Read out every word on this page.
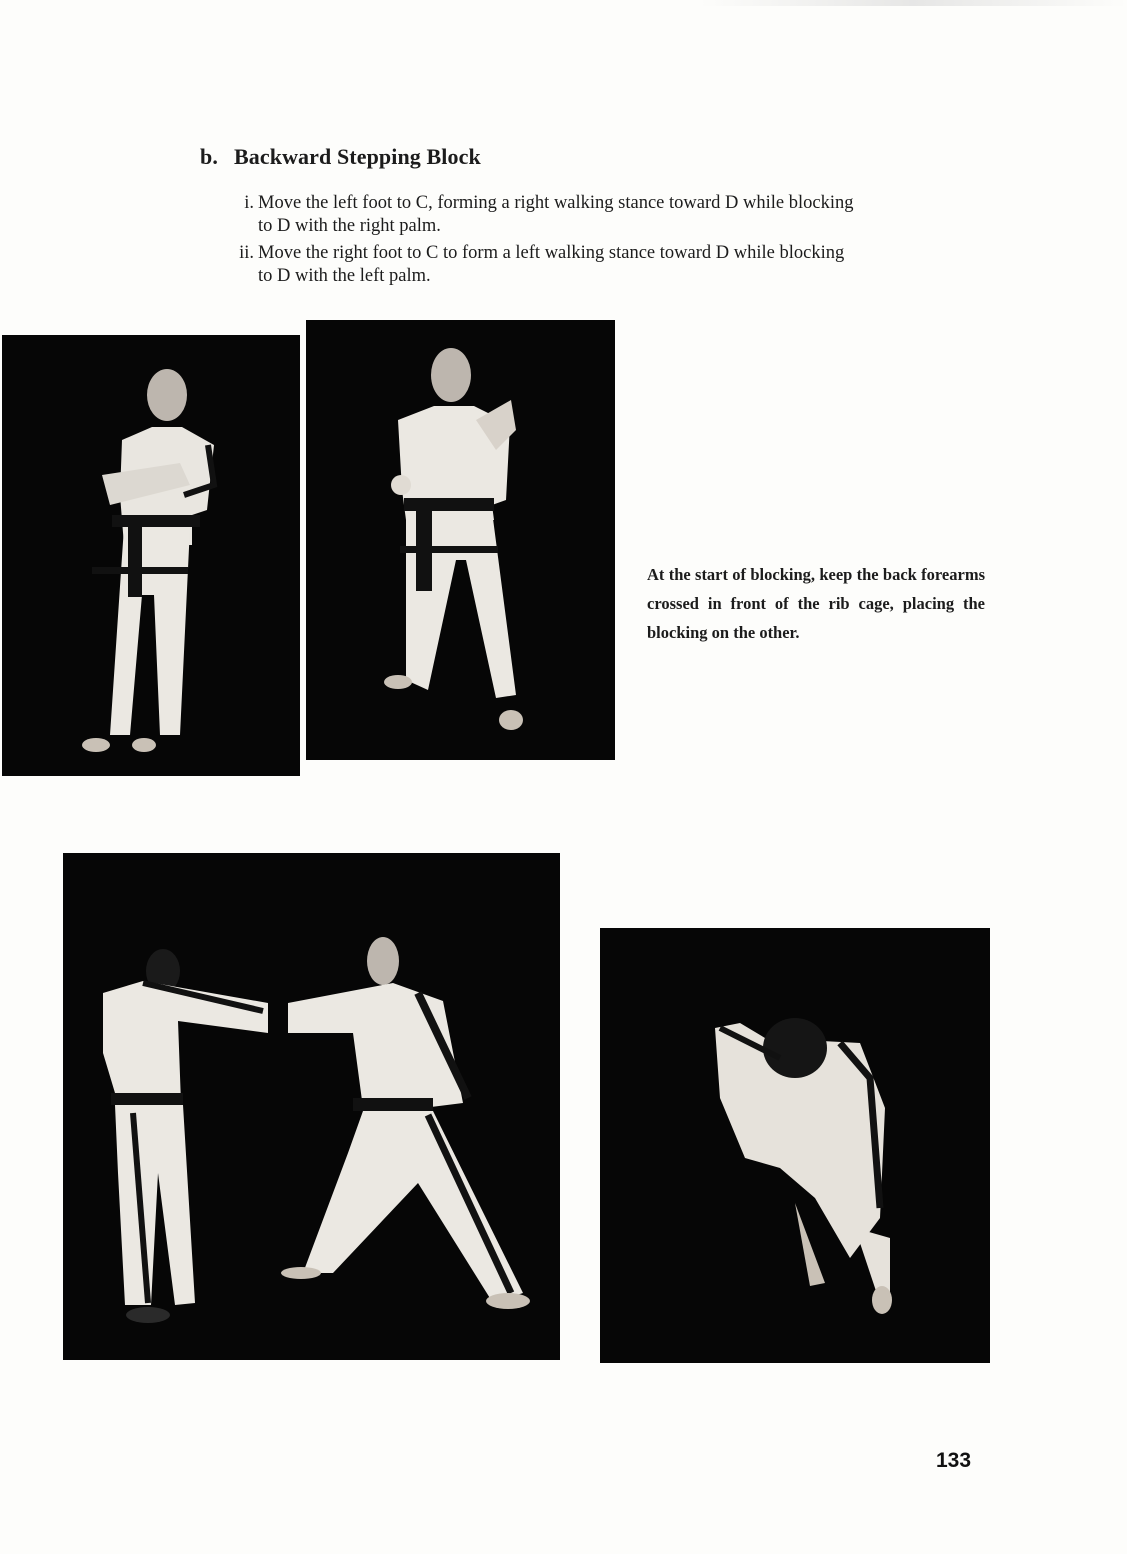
b. Backward Stepping Block
i. Move the left foot to C, forming a right walking stance toward D while blocking to D with the right palm.
ii. Move the right foot to C to form a left walking stance toward D while blocking to D with the left palm.

At the start of blocking, keep the back forearms crossed in front of the rib cage, placing the blocking on the other.

133
